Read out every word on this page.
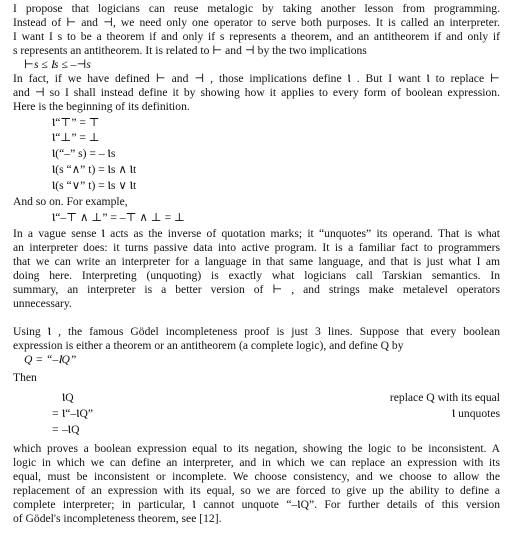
I propose that logicians can reuse metalogic by taking another lesson from programming.
Instead of ⊢ and ⊣, we need only one operator to serve both purposes. It is called an interpreter.
I want I s to be a theorem if and only if s represents a theorem, and an antitheorem if and only if
s represents an antitheorem. It is related to ⊢ and ⊣ by the two implications
⊢s ≤ Ⲓs ≤ –⊣s
In fact, if we have defined ⊢ and ⊣ , those implications define Ⲓ . But I want Ⲓ to replace ⊢
and ⊣ so I shall instead define it by showing how it applies to every form of boolean expression.
Here is the beginning of its definition.
Ⲓ“⊤” = ⊤
Ⲓ“⊥” = ⊥
Ⲓ(“–” s) = – Ⲓs
Ⲓ(s “∧” t) = Ⲓs ∧ Ⲓt
Ⲓ(s “∨” t) = Ⲓs ∨ Ⲓt
And so on. For example,
Ⲓ“–⊤ ∧ ⊥” = –⊤ ∧ ⊥ = ⊥
In a vague sense Ⲓ acts as the inverse of quotation marks; it “unquotes” its operand. That is what
an interpreter does: it turns passive data into active program. It is a familiar fact to programmers
that we can write an interpreter for a language in that same language, and that is just what I am
doing here. Interpreting (unquoting) is exactly what logicians call Tarskian semantics. In
summary, an interpreter is a better version of ⊢ , and strings make metalevel operators
unnecessary.
Using Ⲓ , the famous Gödel incompleteness proof is just 3 lines. Suppose that every boolean
expression is either a theorem or an antitheorem (a complete logic), and define Q by
Q = “–ⲒQ”
Then
ⲒQ	replace Q with its equal
= Ⲓ“–ⲒQ”	Ⲓ unquotes
= –ⲒQ
which proves a boolean expression equal to its negation, showing the logic to be inconsistent. A
logic in which we can define an interpreter, and in which we can replace an expression with its
equal, must be inconsistent or incomplete. We choose consistency, and we choose to allow the
replacement of an expression with its equal, so we are forced to give up the ability to define a
complete interpreter; in particular, Ⲓ cannot unquote “–ⲒQ”. For further details of this version
of Gödel's incompleteness theorem, see [12].
